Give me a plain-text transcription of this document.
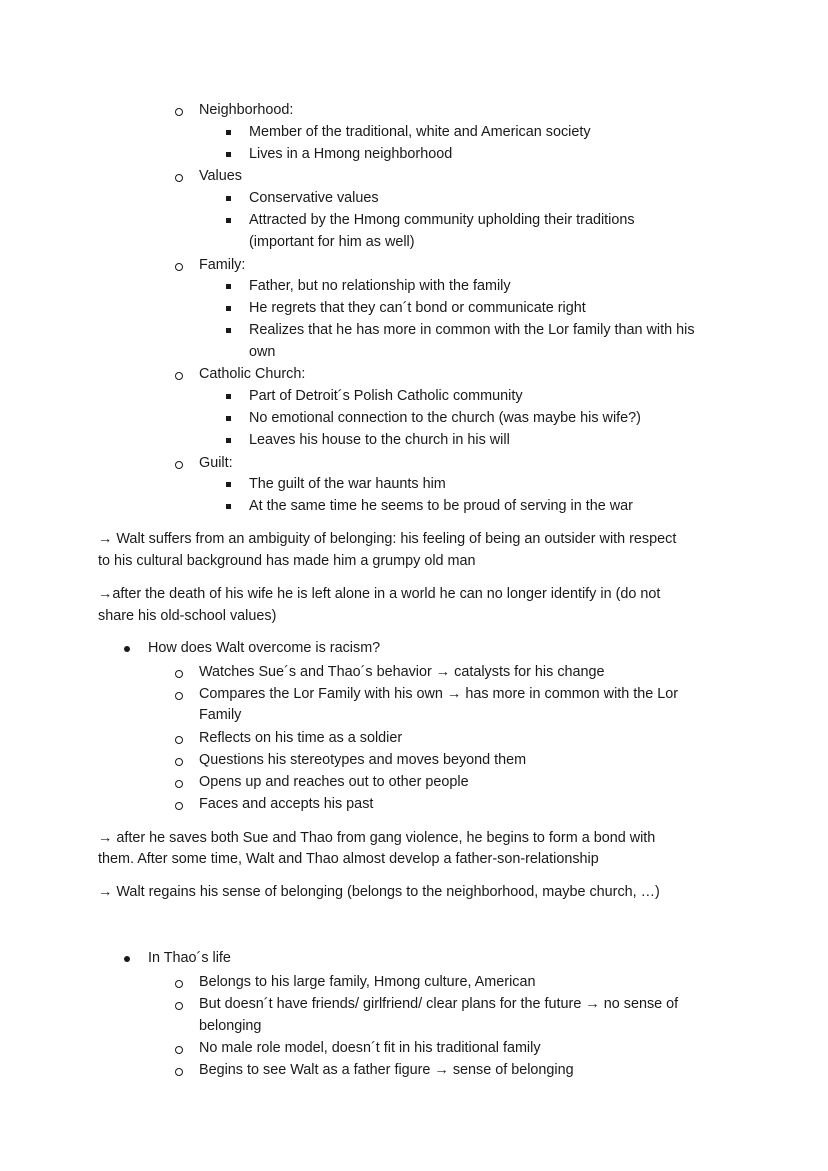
Neighborhood:
Member of the traditional, white and American society
Lives in a Hmong neighborhood
Values
Conservative values
Attracted by the Hmong community upholding their traditions
(important for him as well)
Family:
Father, but no relationship with the family
He regrets that they can´t bond or communicate right
Realizes that he has more in common with the Lor family than with his
own
Catholic Church:
Part of Detroit´s Polish Catholic community
No emotional connection to the church (was maybe his wife?)
Leaves his house to the church in his will
Guilt:
The guilt of the war haunts him
At the same time he seems to be proud of serving in the war
→ Walt suffers from an ambiguity of belonging: his feeling of being an outsider with respect
to his cultural background has made him a grumpy old man
→after the death of his wife he is left alone in a world he can no longer identify in (do not
share his old-school values)
How does Walt overcome is racism?
Watches Sue´s and Thao´s behavior → catalysts for his change
Compares the Lor Family with his own → has more in common with the Lor
Family
Reflects on his time as a soldier
Questions his stereotypes and moves beyond them
Opens up and reaches out to other people
Faces and accepts his past
→ after he saves both Sue and Thao from gang violence, he begins to form a bond with
them. After some time, Walt and Thao almost develop a father-son-relationship
→ Walt regains his sense of belonging (belongs to the neighborhood, maybe church, …)
In Thao´s life
Belongs to his large family, Hmong culture, American
But doesn´t have friends/ girlfriend/ clear plans for the future → no sense of
belonging
No male role model, doesn´t fit in his traditional family
Begins to see Walt as a father figure → sense of belonging
